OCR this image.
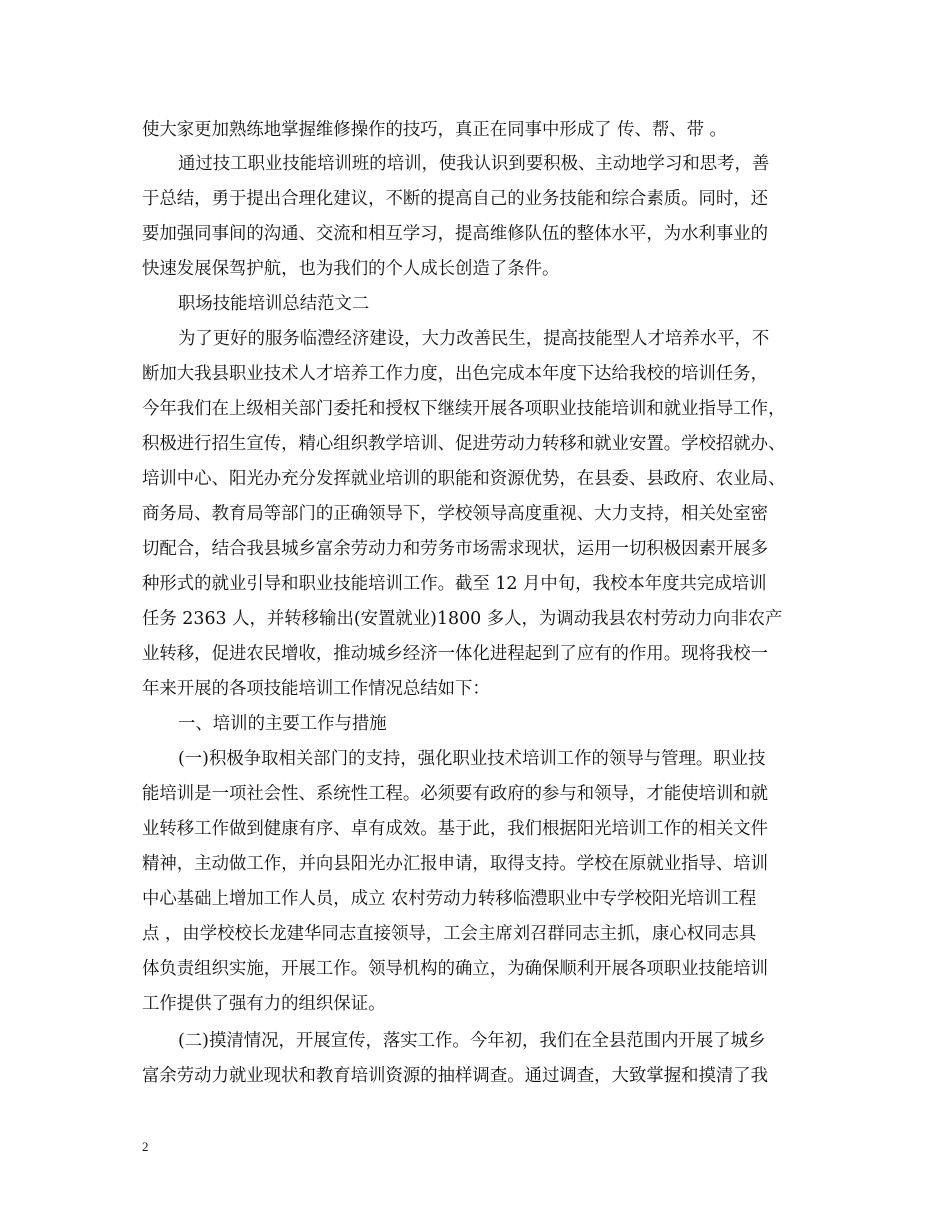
使大家更加熟练地掌握维修操作的技巧，真正在同事中形成了 传、帮、带 。
通过技工职业技能培训班的培训，使我认识到要积极、主动地学习和思考，善
于总结，勇于提出合理化建议，不断的提高自己的业务技能和综合素质。同时，还
要加强同事间的沟通、交流和相互学习，提高维修队伍的整体水平，为水利事业的
快速发展保驾护航，也为我们的个人成长创造了条件。
职场技能培训总结范文二
为了更好的服务临澧经济建设，大力改善民生，提高技能型人才培养水平，不
断加大我县职业技术人才培养工作力度，出色完成本年度下达给我校的培训任务，
今年我们在上级相关部门委托和授权下继续开展各项职业技能培训和就业指导工作，
积极进行招生宣传，精心组织教学培训、促进劳动力转移和就业安置。学校招就办、
培训中心、阳光办充分发挥就业培训的职能和资源优势，在县委、县政府、农业局、
商务局、教育局等部门的正确领导下，学校领导高度重视、大力支持，相关处室密
切配合，结合我县城乡富余劳动力和劳务市场需求现状，运用一切积极因素开展多
种形式的就业引导和职业技能培训工作。截至 12 月中旬，我校本年度共完成培训
任务 2363 人，并转移输出(安置就业)1800 多人，为调动我县农村劳动力向非农产
业转移，促进农民增收，推动城乡经济一体化进程起到了应有的作用。现将我校一
年来开展的各项技能培训工作情况总结如下：
一、培训的主要工作与措施
(一)积极争取相关部门的支持，强化职业技术培训工作的领导与管理。职业技
能培训是一项社会性、系统性工程。必须要有政府的参与和领导，才能使培训和就
业转移工作做到健康有序、卓有成效。基于此，我们根据阳光培训工作的相关文件
精神，主动做工作，并向县阳光办汇报申请，取得支持。学校在原就业指导、培训
中心基础上增加工作人员，成立 农村劳动力转移临澧职业中专学校阳光培训工程
点 ，由学校校长龙建华同志直接领导，工会主席刘召群同志主抓，康心权同志具
体负责组织实施，开展工作。领导机构的确立，为确保顺利开展各项职业技能培训
工作提供了强有力的组织保证。
(二)摸清情况，开展宣传，落实工作。今年初，我们在全县范围内开展了城乡
富余劳动力就业现状和教育培训资源的抽样调查。通过调查，大致掌握和摸清了我
2
